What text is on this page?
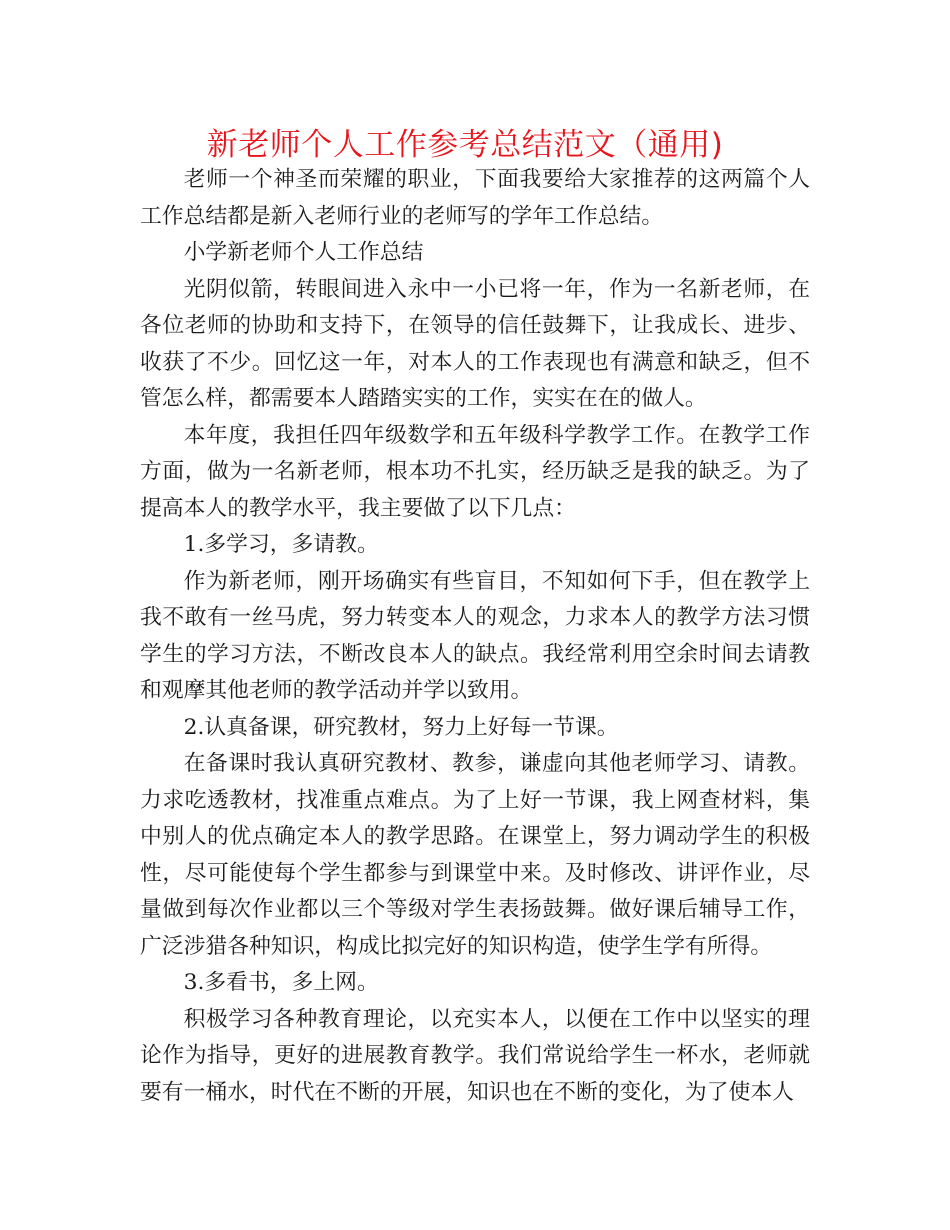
新老师个人工作参考总结范文（通用)

老师一个神圣而荣耀的职业，下面我要给大家推荐的这两篇个人工作总结都是新入老师行业的老师写的学年工作总结。

小学新老师个人工作总结

光阴似箭，转眼间进入永中一小已将一年，作为一名新老师，在各位老师的协助和支持下，在领导的信任鼓舞下，让我成长、进步、收获了不少。回忆这一年，对本人的工作表现也有满意和缺乏，但不管怎么样，都需要本人踏踏实实的工作，实实在在的做人。

本年度，我担任四年级数学和五年级科学教学工作。在教学工作方面，做为一名新老师，根本功不扎实，经历缺乏是我的缺乏。为了提高本人的教学水平，我主要做了以下几点：

1.多学习，多请教。

作为新老师，刚开场确实有些盲目，不知如何下手，但在教学上我不敢有一丝马虎，努力转变本人的观念，力求本人的教学方法习惯学生的学习方法，不断改良本人的缺点。我经常利用空余时间去请教和观摩其他老师的教学活动并学以致用。

2.认真备课，研究教材，努力上好每一节课。

在备课时我认真研究教材、教参，谦虚向其他老师学习、请教。力求吃透教材，找准重点难点。为了上好一节课，我上网查材料，集中别人的优点确定本人的教学思路。在课堂上，努力调动学生的积极性，尽可能使每个学生都参与到课堂中来。及时修改、讲评作业，尽量做到每次作业都以三个等级对学生表扬鼓舞。做好课后辅导工作，广泛涉猎各种知识，构成比拟完好的知识构造，使学生学有所得。

3.多看书，多上网。

积极学习各种教育理论，以充实本人，以便在工作中以坚实的理论作为指导，更好的进展教育教学。我们常说给学生一杯水，老师就要有一桶水，时代在不断的开展，知识也在不断的变化，为了使本人
